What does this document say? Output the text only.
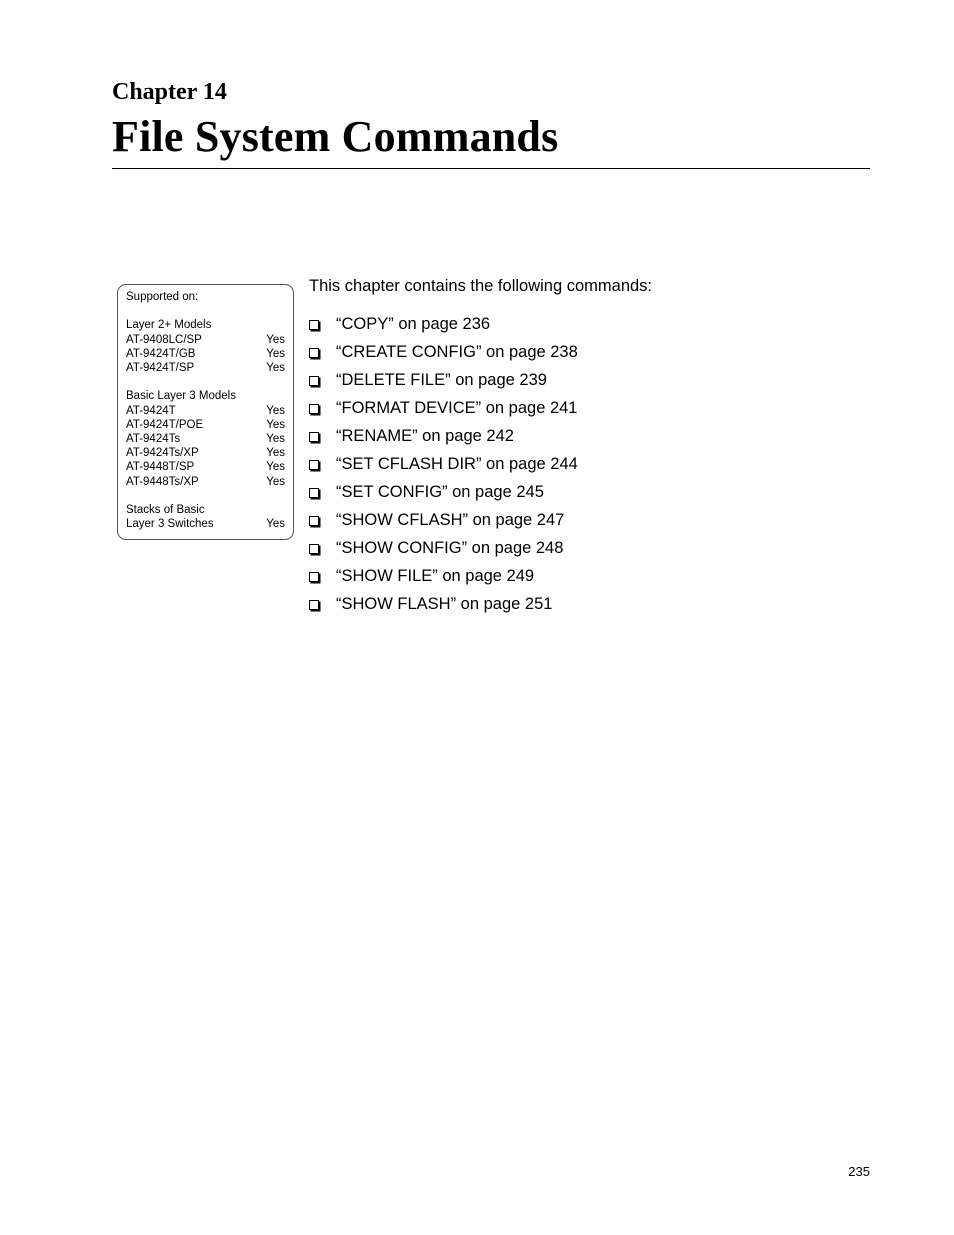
Chapter 14
File System Commands
Supported on:
Layer 2+ Models
AT-9408LC/SP	Yes
AT-9424T/GB	Yes
AT-9424T/SP	Yes
Basic Layer 3 Models
AT-9424T	Yes
AT-9424T/POE	Yes
AT-9424Ts	Yes
AT-9424Ts/XP	Yes
AT-9448T/SP	Yes
AT-9448Ts/XP	Yes
Stacks of Basic
Layer 3 Switches	Yes

This chapter contains the following commands:

“COPY” on page 236
“CREATE CONFIG” on page 238
“DELETE FILE” on page 239
“FORMAT DEVICE” on page 241
“RENAME” on page 242
“SET CFLASH DIR” on page 244
“SET CONFIG” on page 245
“SHOW CFLASH” on page 247
“SHOW CONFIG” on page 248
“SHOW FILE” on page 249
“SHOW FLASH” on page 251
235
